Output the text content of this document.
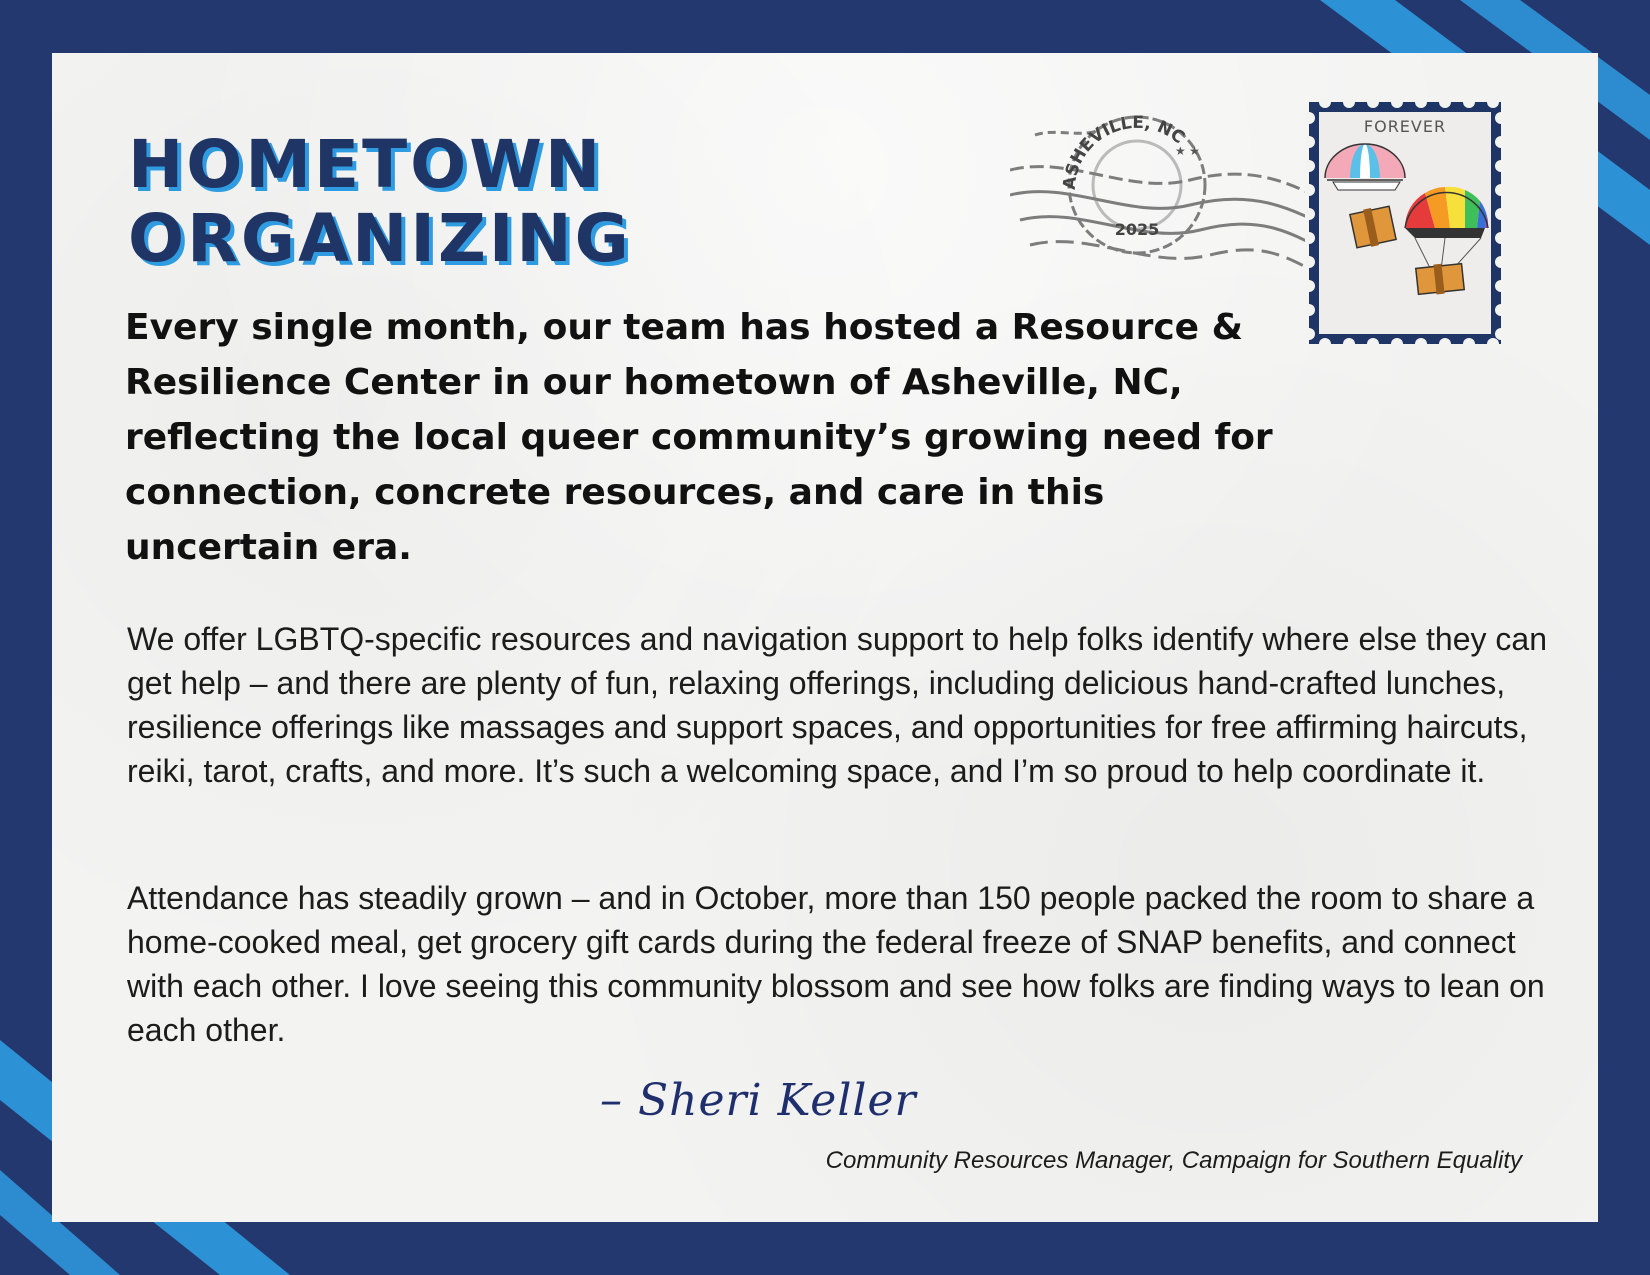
HOMETOWN
ORGANIZING
ASHEVILLE, NC
2025
★ ★
FOREVER

Every single month, our team has hosted a Resource & Resilience Center in our hometown of Asheville, NC, reflecting the local queer community’s growing need for connection, concrete resources, and care in this uncertain era.

We offer LGBTQ-specific resources and navigation support to help folks identify where else they can get help – and there are plenty of fun, relaxing offerings, including delicious hand-crafted lunches, resilience offerings like massages and support spaces, and opportunities for free affirming haircuts, reiki, tarot, crafts, and more. It’s such a welcoming space, and I’m so proud to help coordinate it.

Attendance has steadily grown – and in October, more than 150 people packed the room to share a home-cooked meal, get grocery gift cards during the federal freeze of SNAP benefits, and connect with each other. I love seeing this community blossom and see how folks are finding ways to lean on each other.

– Sheri Keller

Community Resources Manager, Campaign for Southern Equality
